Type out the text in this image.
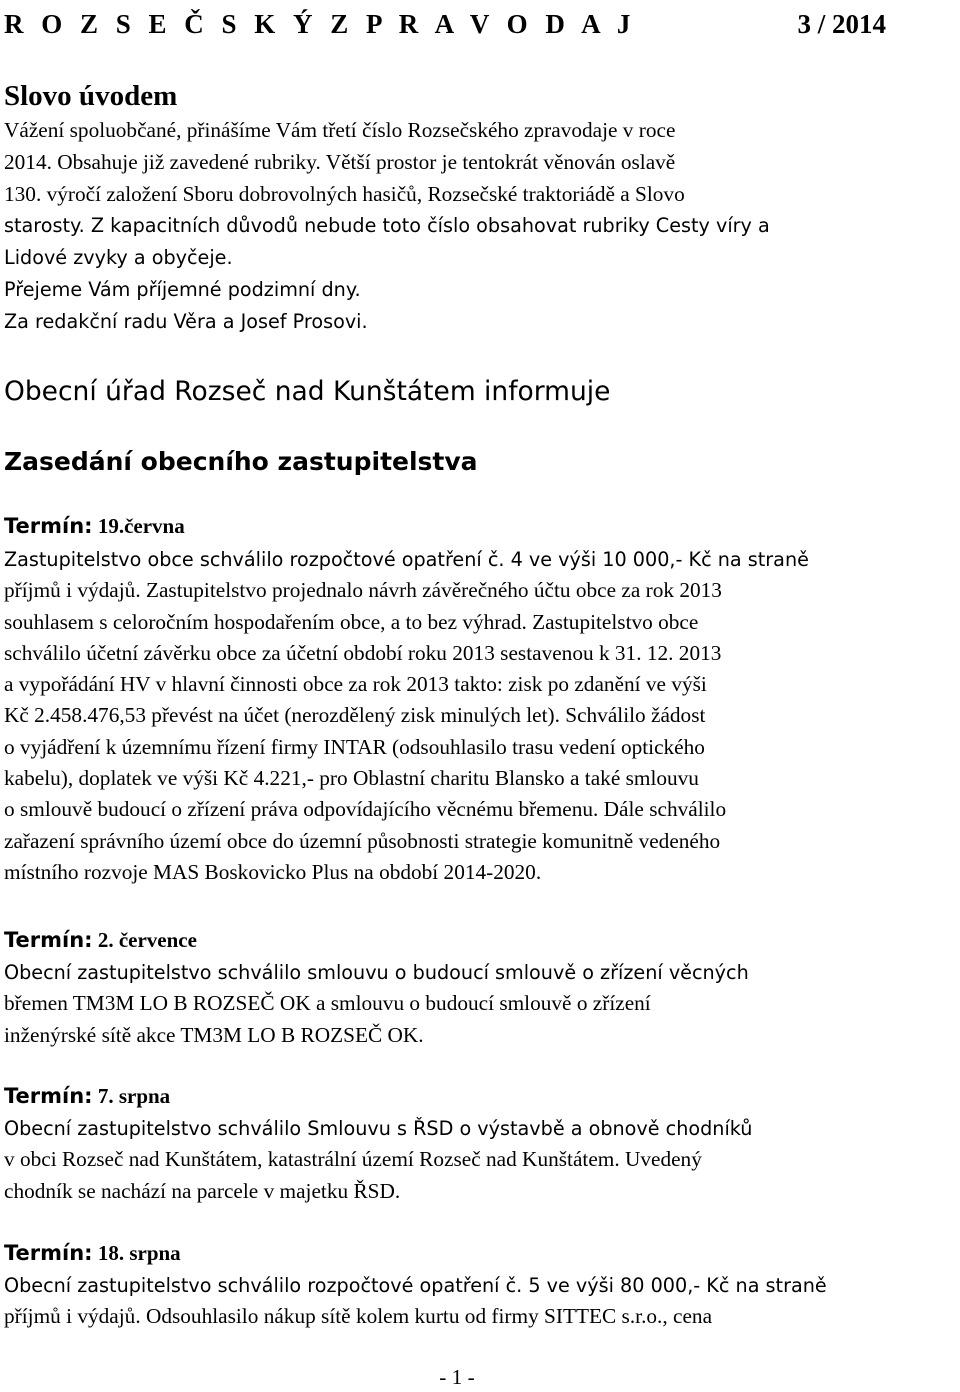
R O Z S E Č S K Ý Z P R A V O D A J	3 / 2014
Slovo úvodem
Vážení spoluobčané, přinášíme Vám třetí číslo Rozsečského zpravodaje v roce
2014. Obsahuje již zavedené rubriky. Větší prostor je tentokrát věnován oslavě
130. výročí založení Sboru dobrovolných hasičů, Rozsečské traktoriádě a Slovo
starosty. Z kapacitních důvodů nebude toto číslo obsahovat rubriky Cesty víry a
Lidové zvyky a obyčeje.
Přejeme Vám příjemné podzimní dny.
Za redakční radu Věra a Josef Prosovi.
Obecní úřad Rozseč nad Kunštátem informuje
Zasedání obecního zastupitelstva
Termín: 19.června
Zastupitelstvo obce schválilo rozpočtové opatření č. 4 ve výši 10 000,- Kč na straně
příjmů i výdajů. Zastupitelstvo projednalo návrh závěrečného účtu obce za rok 2013
souhlasem s celoročním hospodařením obce, a to bez výhrad. Zastupitelstvo obce
schválilo účetní závěrku obce za účetní období roku 2013 sestavenou k 31. 12. 2013
a vypořádání HV v hlavní činnosti obce za rok 2013 takto: zisk po zdanění ve výši
Kč 2.458.476,53 převést na účet (nerozdělený zisk minulých let). Schválilo žádost
o vyjádření k územnímu řízení firmy INTAR (odsouhlasilo trasu vedení optického
kabelu), doplatek ve výši Kč 4.221,- pro Oblastní charitu Blansko a také smlouvu
o smlouvě budoucí o zřízení práva odpovídajícího věcnému břemenu. Dále schválilo
zařazení správního území obce do územní působnosti strategie komunitně vedeného
místního rozvoje MAS Boskovicko Plus na období 2014-2020.
Termín: 2. července
Obecní zastupitelstvo schválilo smlouvu o budoucí smlouvě o zřízení věcných
břemen TM3M LO B ROZSEČ OK a smlouvu o budoucí smlouvě o zřízení
inženýrské sítě akce TM3M LO B ROZSEČ OK.
Termín: 7. srpna
Obecní zastupitelstvo schválilo Smlouvu s ŘSD o výstavbě a obnově chodníků
v obci Rozseč nad Kunštátem, katastrální území Rozseč nad Kunštátem. Uvedený
chodník se nachází na parcele v majetku ŘSD.
Termín: 18. srpna
Obecní zastupitelstvo schválilo rozpočtové opatření č. 5 ve výši 80 000,- Kč na straně
příjmů i výdajů. Odsouhlasilo nákup sítě kolem kurtu od firmy SITTEC s.r.o., cena
- 1 -
